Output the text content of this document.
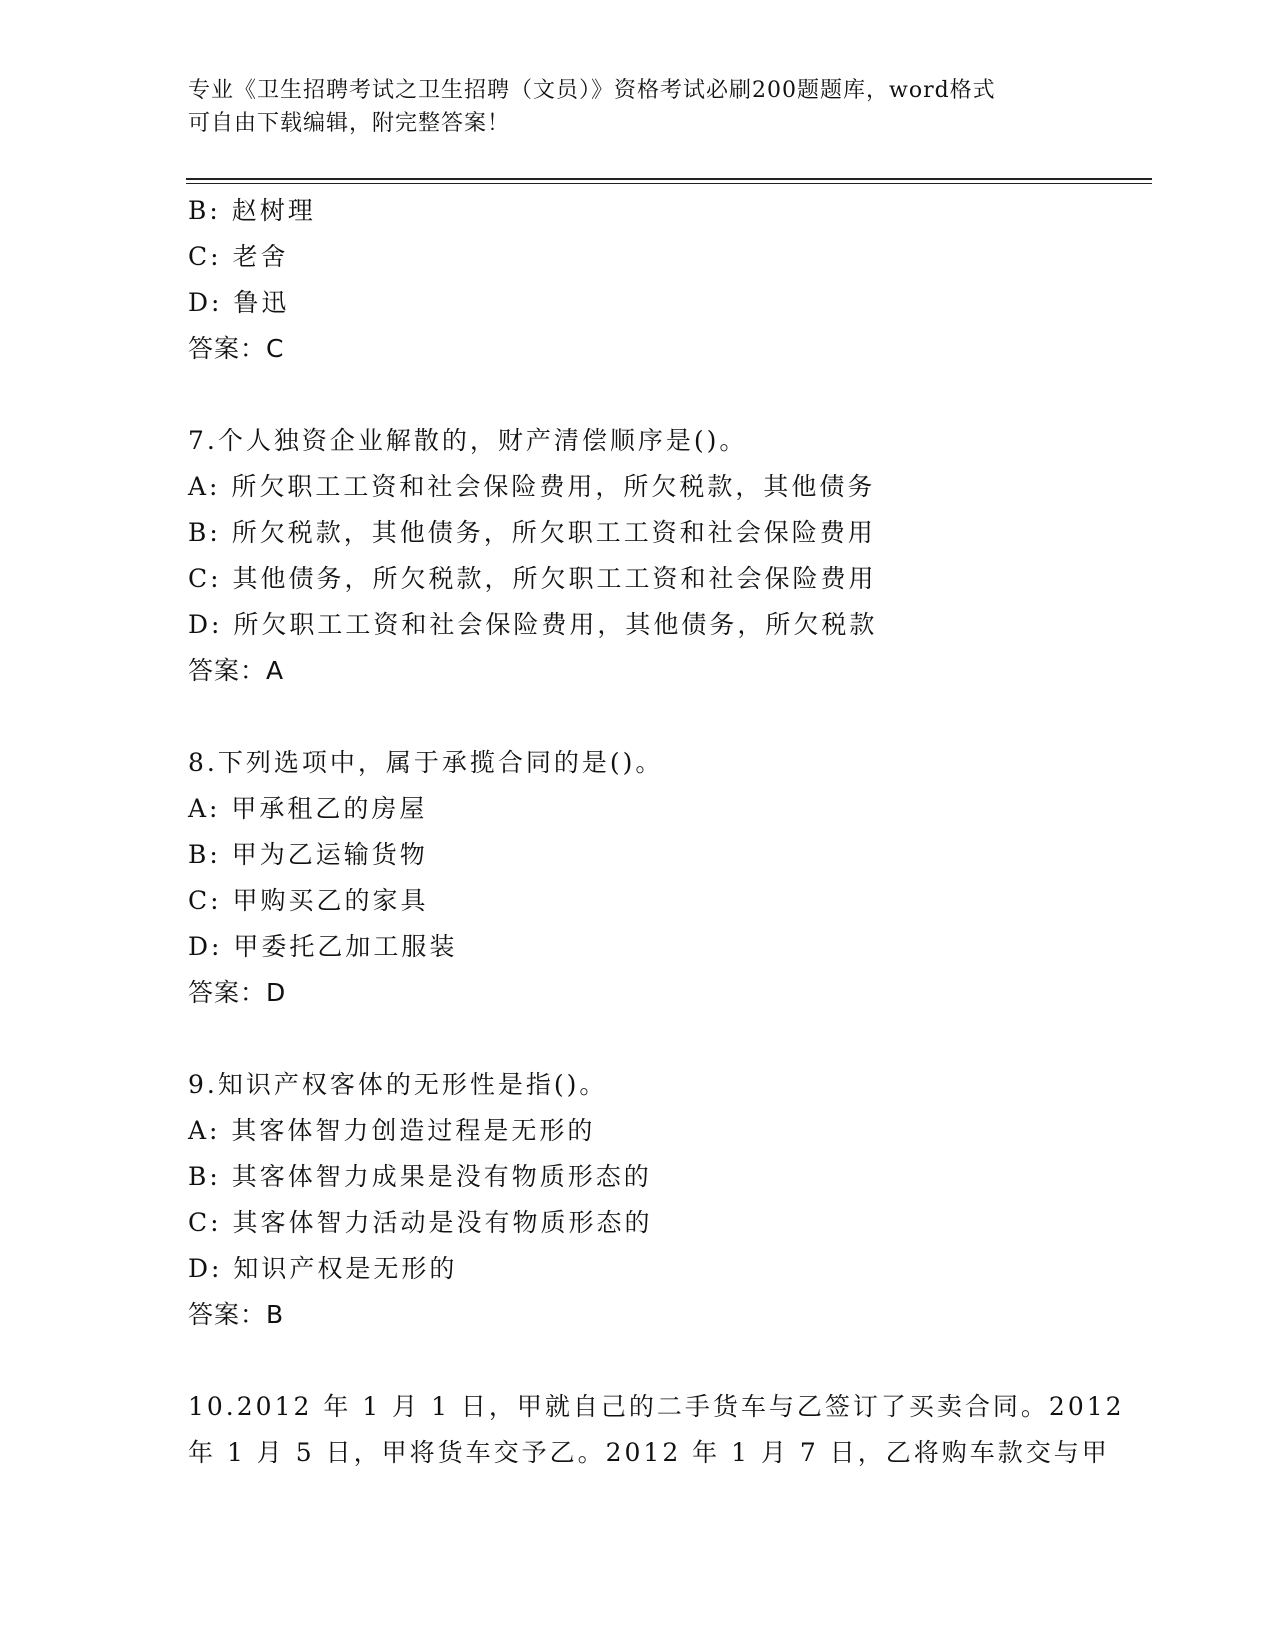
专业《卫生招聘考试之卫生招聘（文员）》资格考试必刷200题题库，word格式
可自由下载编辑，附完整答案！
B: 赵树理
C: 老舍
D: 鲁迅
答案：C
7.个人独资企业解散的，财产清偿顺序是()。
A: 所欠职工工资和社会保险费用，所欠税款，其他债务
B: 所欠税款，其他债务，所欠职工工资和社会保险费用
C: 其他债务，所欠税款，所欠职工工资和社会保险费用
D: 所欠职工工资和社会保险费用，其他债务，所欠税款
答案：A
8.下列选项中，属于承揽合同的是()。
A: 甲承租乙的房屋
B: 甲为乙运输货物
C: 甲购买乙的家具
D: 甲委托乙加工服装
答案：D
9.知识产权客体的无形性是指()。
A: 其客体智力创造过程是无形的
B: 其客体智力成果是没有物质形态的
C: 其客体智力活动是没有物质形态的
D: 知识产权是无形的
答案：B
10.2012 年 1 月 1 日，甲就自己的二手货车与乙签订了买卖合同。2012
年 1 月 5 日，甲将货车交予乙。2012 年 1 月 7 日，乙将购车款交与甲
